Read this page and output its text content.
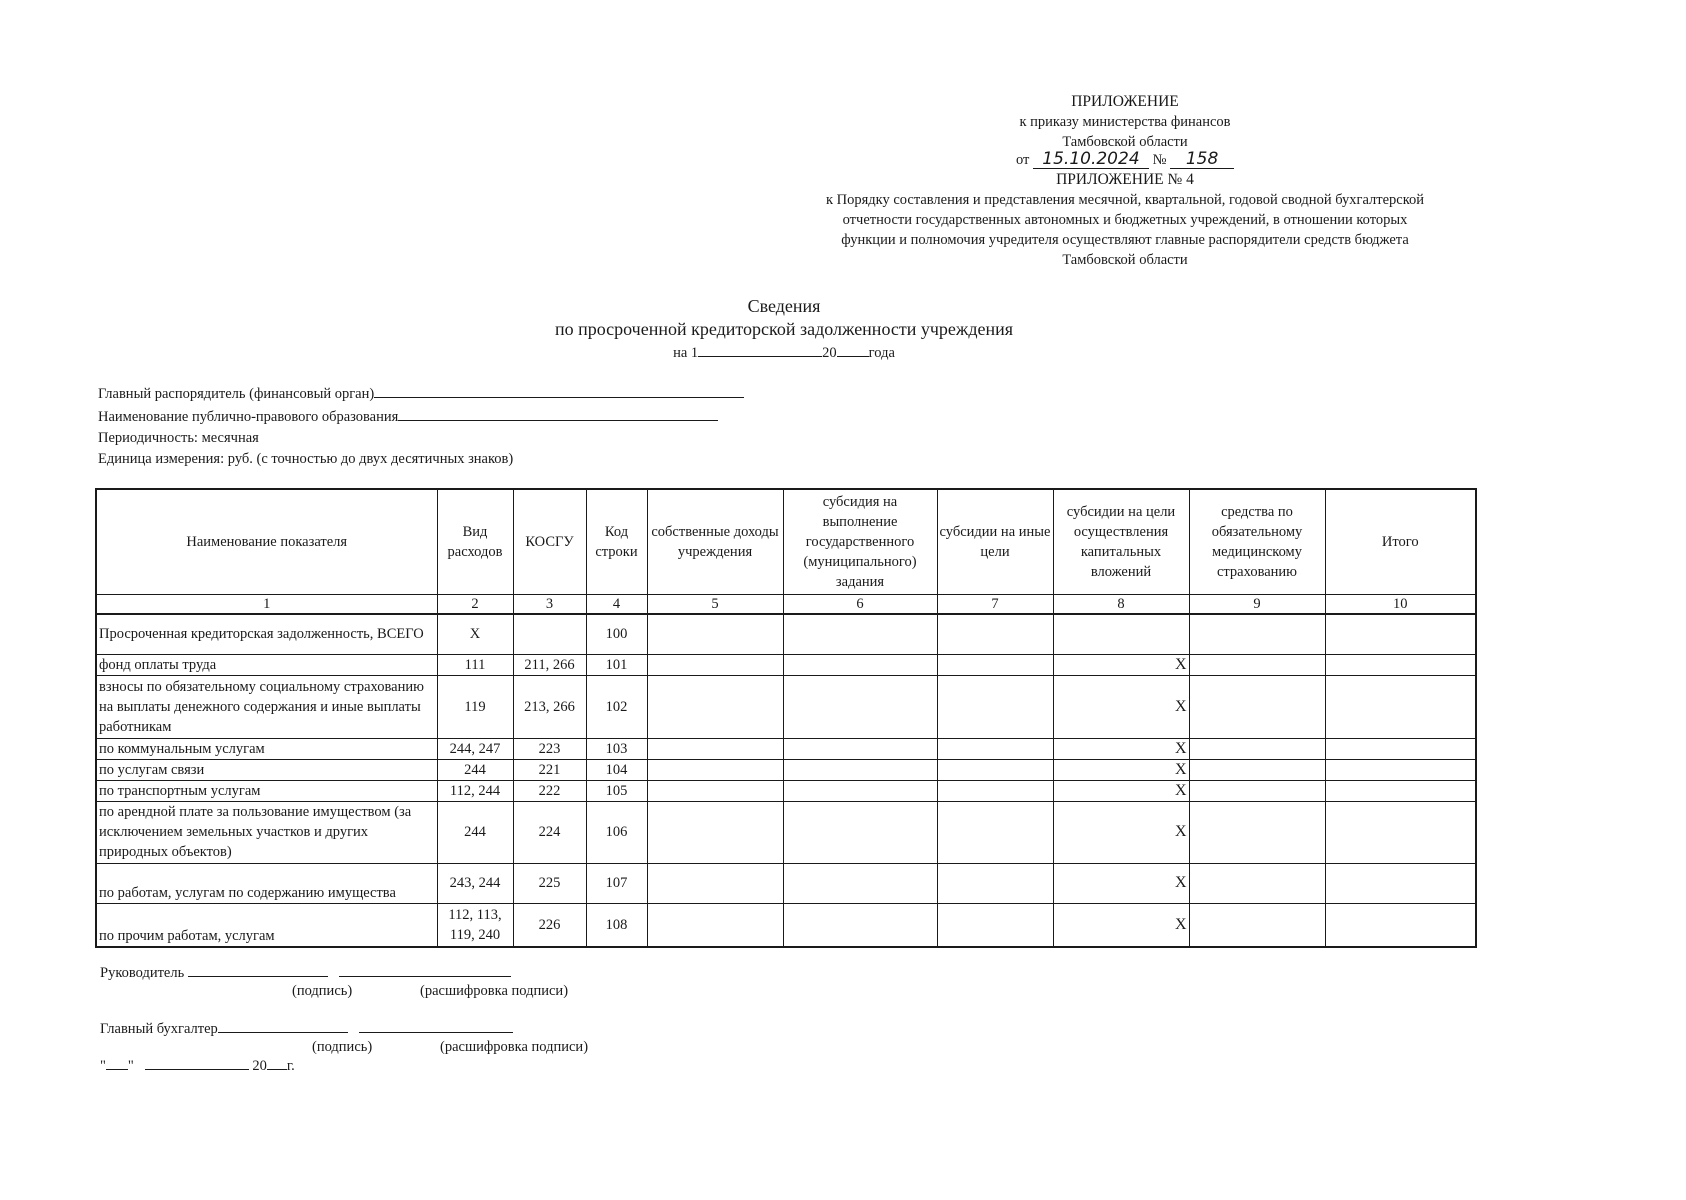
ПРИЛОЖЕНИЕ
к приказу министерства финансов
Тамбовской области
от 15.10.2024 № 158
ПРИЛОЖЕНИЕ № 4
к Порядку составления и представления месячной, квартальной, годовой сводной бухгалтерской
отчетности государственных автономных и бюджетных учреждений, в отношении которых
функции и полномочия учредителя осуществляют главные распорядители средств бюджета
Тамбовской области
Сведения
по просроченной кредиторской задолженности учреждения
на 1	20 года
Главный распорядитель (финансовый орган)
Наименование публично-правового образования
Периодичность: месячная
Единица измерения: руб. (с точностью до двух десятичных знаков)
Наименование показателя	Вид расходов	КОСГУ	Код строки	собственные доходы учреждения	субсидия на выполнение государственного (муниципального) задания	субсидии на иные цели	субсидии на цели осуществления капитальных вложений	средства по обязательному медицинскому страхованию	Итого
1	2	3	4	5	6	7	8	9	10
Просроченная кредиторская задолженность, ВСЕГО	X		100						
фонд оплаты труда	111	211, 266	101				X		
взносы по обязательному социальному страхованию на выплаты денежного содержания и иные выплаты работникам	119	213, 266	102				X		
по коммунальным услугам	244, 247	223	103				X		
по услугам связи	244	221	104				X		
по транспортным услугам	112, 244	222	105				X		
по арендной плате за пользование имуществом (за исключением земельных участков и других природных объектов)	244	224	106				X		
по работам, услугам по содержанию имущества	243, 244	225	107				X		
по прочим работам, услугам	112, 113, 119, 240	226	108				X		
Руководитель
(подпись)	(расшифровка подписи)
Главный бухгалтер
(подпись)	(расшифровка подписи)
" "	20 г.
